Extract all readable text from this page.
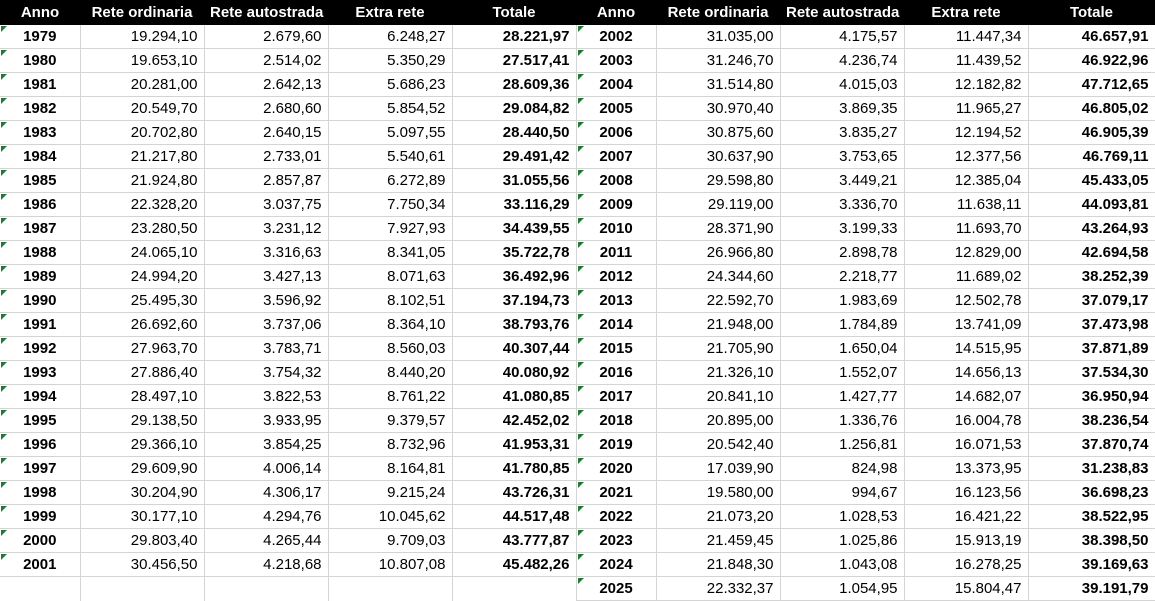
Anno	Rete ordinaria	Rete autostrada	Extra rete	Totale	Anno	Rete ordinaria	Rete autostrada	Extra rete	Totale
1979	19.294,10	2.679,60	6.248,27	28.221,97	2002	31.035,00	4.175,57	11.447,34	46.657,91
1980	19.653,10	2.514,02	5.350,29	27.517,41	2003	31.246,70	4.236,74	11.439,52	46.922,96
1981	20.281,00	2.642,13	5.686,23	28.609,36	2004	31.514,80	4.015,03	12.182,82	47.712,65
1982	20.549,70	2.680,60	5.854,52	29.084,82	2005	30.970,40	3.869,35	11.965,27	46.805,02
1983	20.702,80	2.640,15	5.097,55	28.440,50	2006	30.875,60	3.835,27	12.194,52	46.905,39
1984	21.217,80	2.733,01	5.540,61	29.491,42	2007	30.637,90	3.753,65	12.377,56	46.769,11
1985	21.924,80	2.857,87	6.272,89	31.055,56	2008	29.598,80	3.449,21	12.385,04	45.433,05
1986	22.328,20	3.037,75	7.750,34	33.116,29	2009	29.119,00	3.336,70	11.638,11	44.093,81
1987	23.280,50	3.231,12	7.927,93	34.439,55	2010	28.371,90	3.199,33	11.693,70	43.264,93
1988	24.065,10	3.316,63	8.341,05	35.722,78	2011	26.966,80	2.898,78	12.829,00	42.694,58
1989	24.994,20	3.427,13	8.071,63	36.492,96	2012	24.344,60	2.218,77	11.689,02	38.252,39
1990	25.495,30	3.596,92	8.102,51	37.194,73	2013	22.592,70	1.983,69	12.502,78	37.079,17
1991	26.692,60	3.737,06	8.364,10	38.793,76	2014	21.948,00	1.784,89	13.741,09	37.473,98
1992	27.963,70	3.783,71	8.560,03	40.307,44	2015	21.705,90	1.650,04	14.515,95	37.871,89
1993	27.886,40	3.754,32	8.440,20	40.080,92	2016	21.326,10	1.552,07	14.656,13	37.534,30
1994	28.497,10	3.822,53	8.761,22	41.080,85	2017	20.841,10	1.427,77	14.682,07	36.950,94
1995	29.138,50	3.933,95	9.379,57	42.452,02	2018	20.895,00	1.336,76	16.004,78	38.236,54
1996	29.366,10	3.854,25	8.732,96	41.953,31	2019	20.542,40	1.256,81	16.071,53	37.870,74
1997	29.609,90	4.006,14	8.164,81	41.780,85	2020	17.039,90	824,98	13.373,95	31.238,83
1998	30.204,90	4.306,17	9.215,24	43.726,31	2021	19.580,00	994,67	16.123,56	36.698,23
1999	30.177,10	4.294,76	10.045,62	44.517,48	2022	21.073,20	1.028,53	16.421,22	38.522,95
2000	29.803,40	4.265,44	9.709,03	43.777,87	2023	21.459,45	1.025,86	15.913,19	38.398,50
2001	30.456,50	4.218,68	10.807,08	45.482,26	2024	21.848,30	1.043,08	16.278,25	39.169,63
					2025	22.332,37	1.054,95	15.804,47	39.191,79
